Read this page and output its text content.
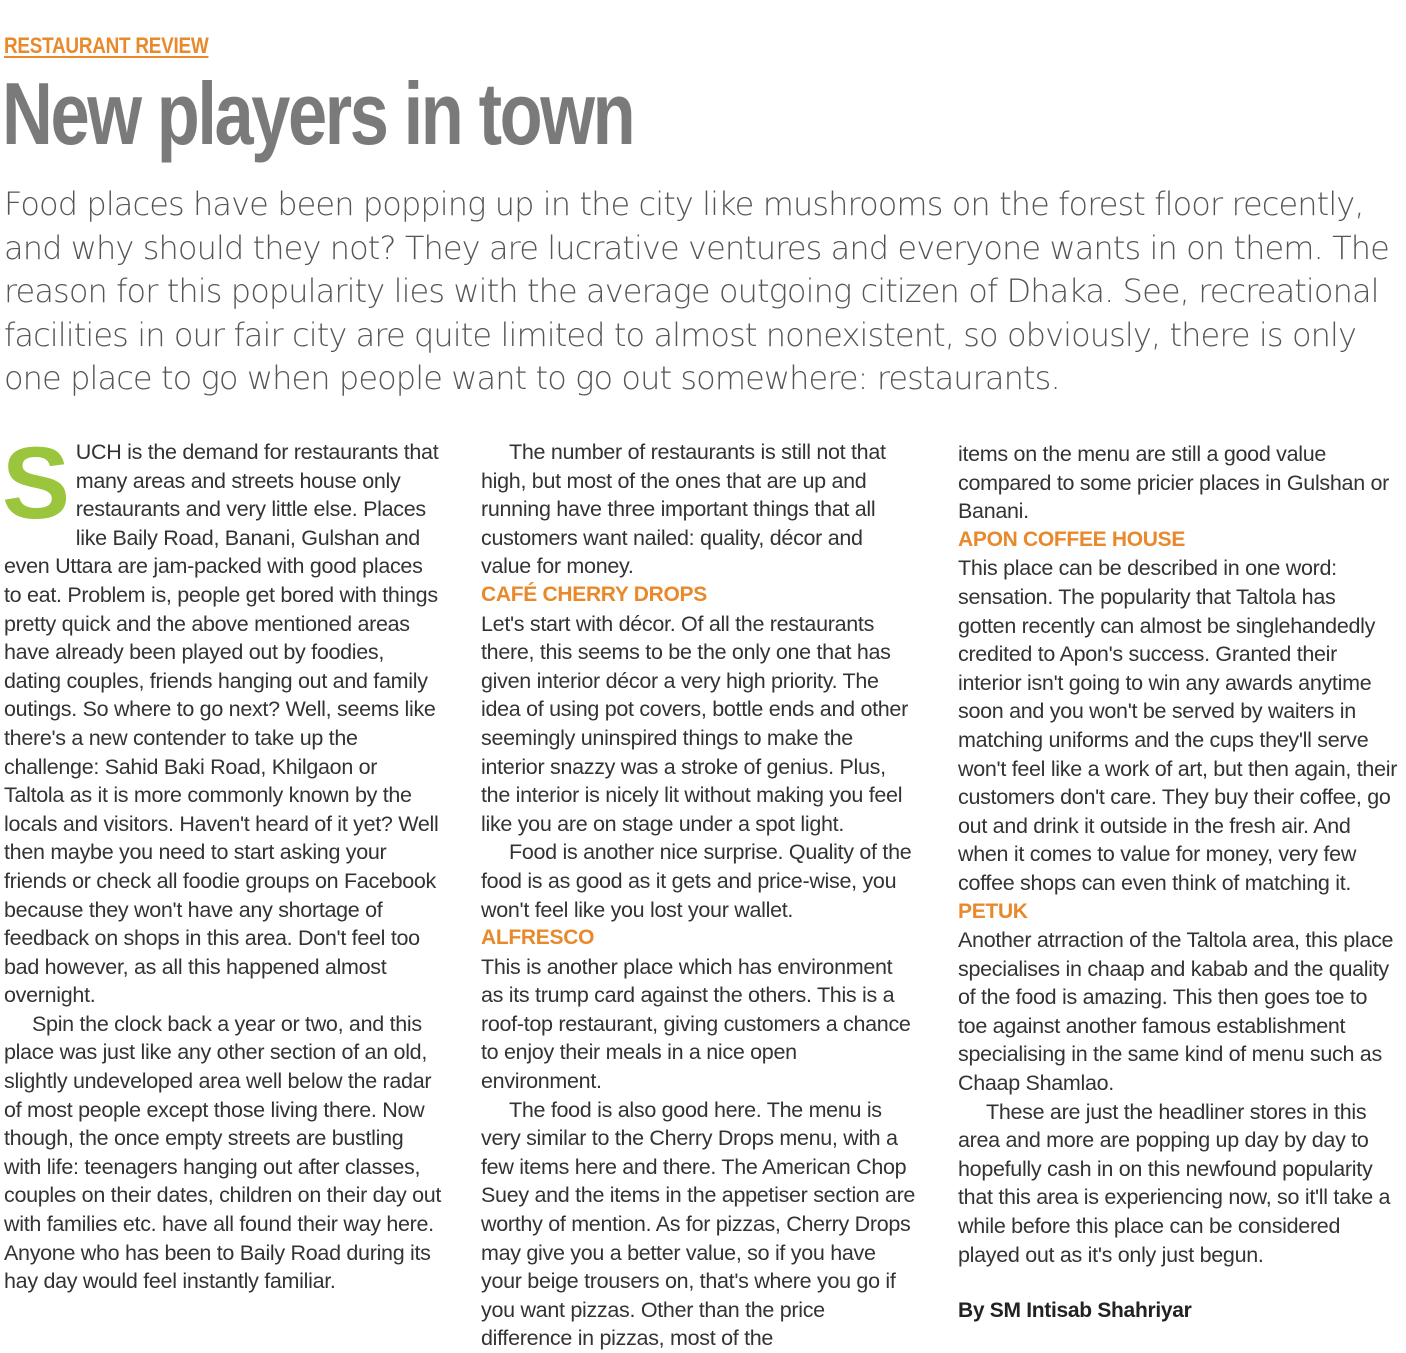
RESTAURANT REVIEW
New players in town

Food places have been popping up in the city like mushrooms on the forest floor recently, and why should they not? They are lucrative ventures and everyone wants in on them. The reason for this popularity lies with the average outgoing citizen of Dhaka. See, recreational facilities in our fair city are quite limited to almost nonexistent, so obviously, there is only one place to go when people want to go out somewhere: restaurants.

S UCH is the demand for restaurants that many areas and streets house only restaurants and very little else. Places like Baily Road, Banani, Gulshan and even Uttara are jam-packed with good places to eat. Problem is, people get bored with things pretty quick and the above mentioned areas have already been played out by foodies, dating couples, friends hanging out and family outings. So where to go next? Well, seems like there's a new contender to take up the challenge: Sahid Baki Road, Khilgaon or Taltola as it is more commonly known by the locals and visitors. Haven't heard of it yet? Well then maybe you need to start asking your friends or check all foodie groups on Facebook because they won't have any shortage of feedback on shops in this area. Don't feel too bad however, as all this happened almost overnight.

Spin the clock back a year or two, and this place was just like any other section of an old, slightly undeveloped area well below the radar of most people except those living there. Now though, the once empty streets are bustling with life: teenagers hanging out after classes, couples on their dates, children on their day out with families etc. have all found their way here. Anyone who has been to Baily Road during its hay day would feel instantly familiar.

The number of restaurants is still not that high, but most of the ones that are up and running have three important things that all customers want nailed: quality, décor and value for money.

CAFÉ CHERRY DROPS

Let's start with décor. Of all the restaurants there, this seems to be the only one that has given interior décor a very high priority. The idea of using pot covers, bottle ends and other seemingly uninspired things to make the interior snazzy was a stroke of genius. Plus, the interior is nicely lit without making you feel like you are on stage under a spot light.

Food is another nice surprise. Quality of the food is as good as it gets and price-wise, you won't feel like you lost your wallet.

ALFRESCO

This is another place which has environment as its trump card against the others. This is a roof-top restaurant, giving customers a chance to enjoy their meals in a nice open environment.

The food is also good here. The menu is very similar to the Cherry Drops menu, with a few items here and there. The American Chop Suey and the items in the appetiser section are worthy of mention. As for pizzas, Cherry Drops may give you a better value, so if you have your beige trousers on, that's where you go if you want pizzas. Other than the price difference in pizzas, most of the

items on the menu are still a good value compared to some pricier places in Gulshan or Banani.

APON COFFEE HOUSE

This place can be described in one word: sensation. The popularity that Taltola has gotten recently can almost be singlehandedly credited to Apon's success. Granted their interior isn't going to win any awards anytime soon and you won't be served by waiters in matching uniforms and the cups they'll serve won't feel like a work of art, but then again, their customers don't care. They buy their coffee, go out and drink it outside in the fresh air. And when it comes to value for money, very few coffee shops can even think of matching it.

PETUK

Another atrraction of the Taltola area, this place specialises in chaap and kabab and the quality of the food is amazing. This then goes toe to toe against another famous establishment specialising in the same kind of menu such as Chaap Shamlao.

These are just the headliner stores in this area and more are popping up day by day to hopefully cash in on this newfound popularity that this area is experiencing now, so it'll take a while before this place can be considered played out as it's only just begun.

By SM Intisab Shahriyar
